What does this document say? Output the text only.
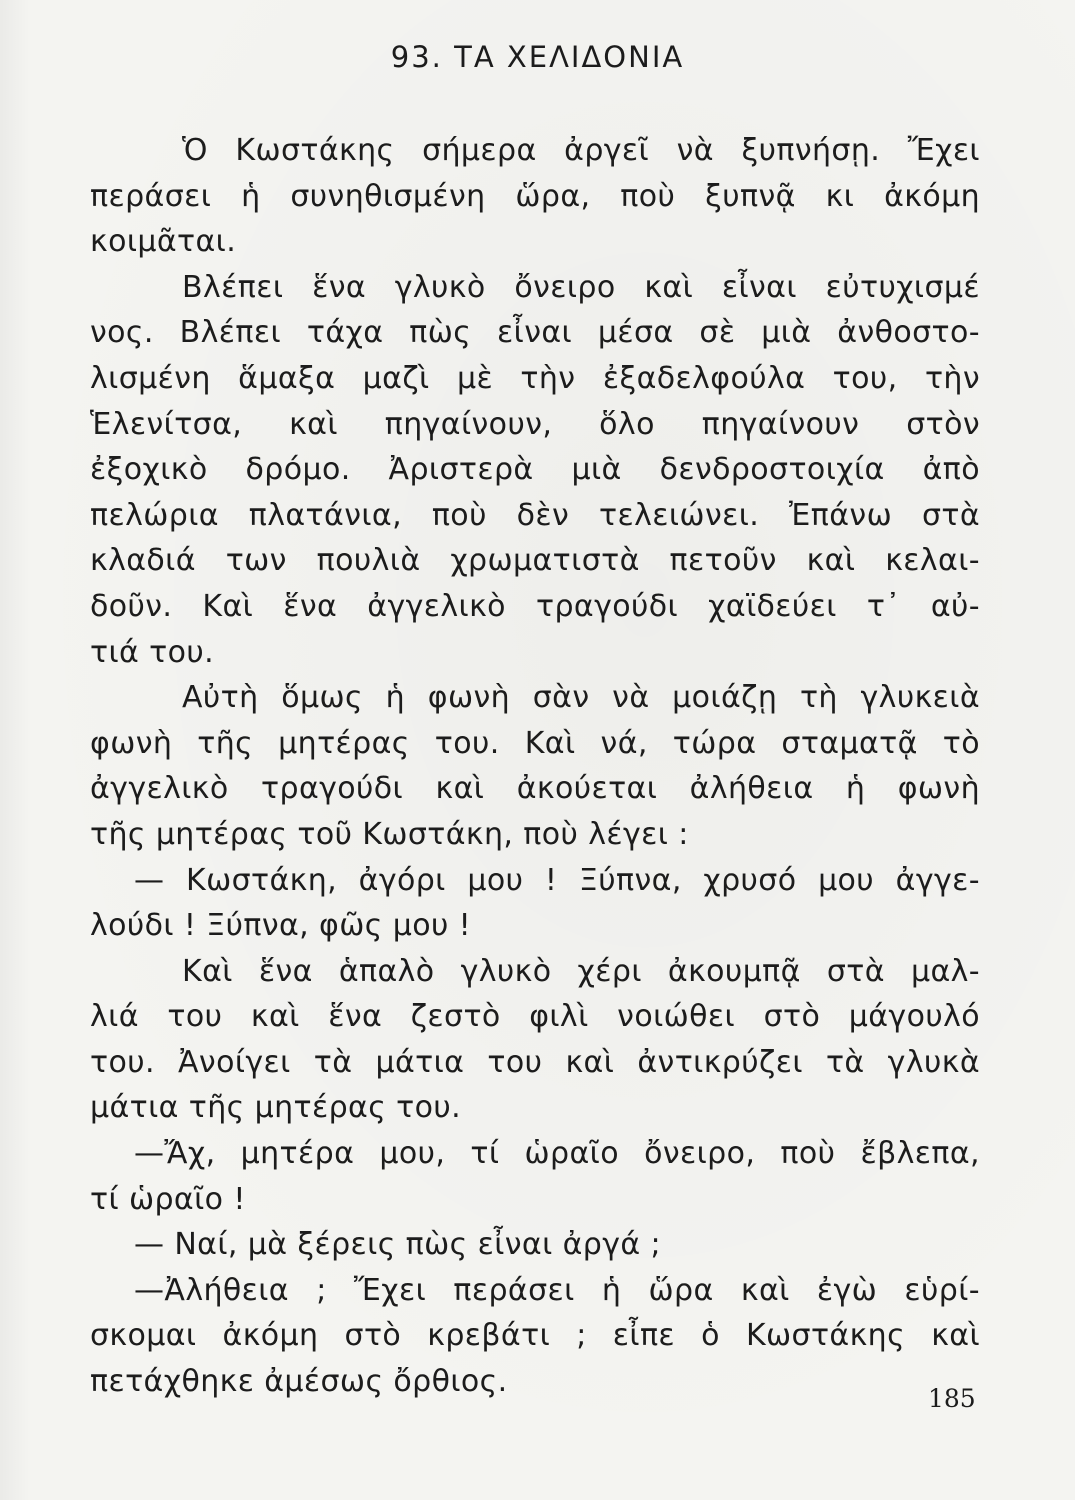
93. ΤΑ ΧΕΛΙΔΟΝΙΑ
Ὁ Κωστάκης σήμερα ἀργεῖ νὰ ξυπνήσῃ. Ἔχει
περάσει ἡ συνηθισμένη ὥρα, ποὺ ξυπνᾷ κι ἀκόμη
κοιμᾶται.
Βλέπει ἕνα γλυκὸ ὄνειρο καὶ εἶναι εὐτυχισμέ
νος. Βλέπει τάχα πὼς εἶναι μέσα σὲ μιὰ ἀνθοστο-
λισμένη ἅμαξα μαζὶ μὲ τὴν ἐξαδελφούλα του, τὴν
Ἑλενίτσα, καὶ πηγαίνουν, ὅλο πηγαίνουν στὸν
ἐξοχικὸ δρόμο. Ἀριστερὰ μιὰ δενδροστοιχία ἀπὸ
πελώρια πλατάνια, ποὺ δὲν τελειώνει. Ἐπάνω στὰ
κλαδιά των πουλιὰ χρωματιστὰ πετοῦν καὶ κελαι-
δοῦν. Καὶ ἕνα ἀγγελικὸ τραγούδι χαϊδεύει τ᾿ αὐ-
τιά του.
Αὐτὴ ὅμως ἡ φωνὴ σὰν νὰ μοιάζῃ τὴ γλυκειὰ
φωνὴ τῆς μητέρας του. Καὶ νά, τώρα σταματᾷ τὸ
ἀγγελικὸ τραγούδι καὶ ἀκούεται ἀλήθεια ἡ φωνὴ
τῆς μητέρας τοῦ Κωστάκη, ποὺ λέγει :
— Κωστάκη, ἀγόρι μου ! Ξύπνα, χρυσό μου ἀγγε-
λούδι ! Ξύπνα, φῶς μου !
Καὶ ἕνα ἁπαλὸ γλυκὸ χέρι ἀκουμπᾷ στὰ μαλ-
λιά του καὶ ἕνα ζεστὸ φιλὶ νοιώθει στὸ μάγουλό
του. Ἀνοίγει τὰ μάτια του καὶ ἀντικρύζει τὰ γλυκὰ
μάτια τῆς μητέρας του.
—Ἄχ, μητέρα μου, τί ὡραῖο ὄνειρο, ποὺ ἔβλεπα,
τί ὡραῖο !
— Ναί, μὰ ξέρεις πὼς εἶναι ἀργά ;
—Ἀλήθεια ; Ἔχει περάσει ἡ ὥρα καὶ ἐγὼ εὑρί-
σκομαι ἀκόμη στὸ κρεβάτι ; εἶπε ὁ Κωστάκης καὶ
πετάχθηκε ἀμέσως ὄρθιος.	185
